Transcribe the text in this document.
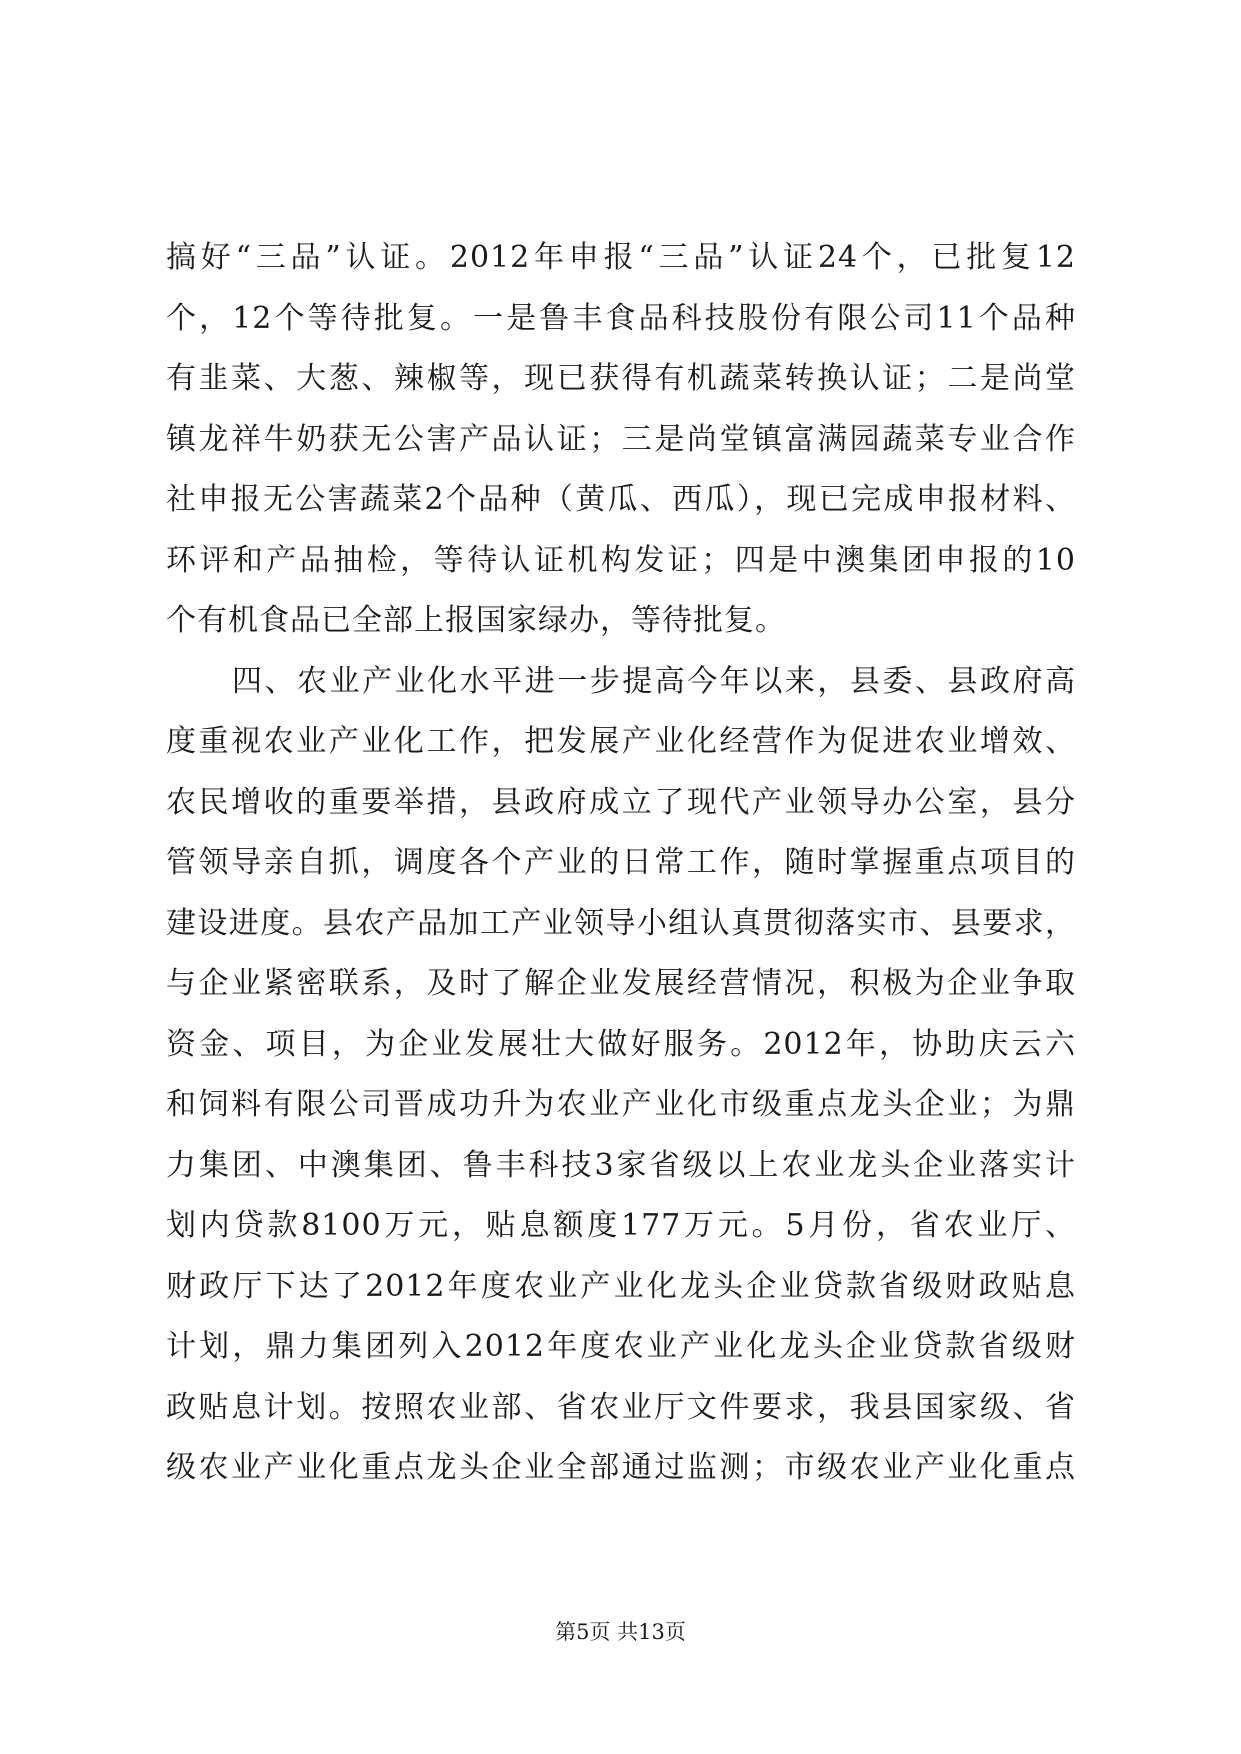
搞好“三品”认证。2012年申报“三品”认证24个，已批复12
个，12个等待批复。一是鲁丰食品科技股份有限公司11个品种
有韭菜、大葱、辣椒等，现已获得有机蔬菜转换认证；二是尚堂
镇龙祥牛奶获无公害产品认证；三是尚堂镇富满园蔬菜专业合作
社申报无公害蔬菜2个品种（黄瓜、西瓜），现已完成申报材料、
环评和产品抽检，等待认证机构发证；四是中澳集团申报的10
个有机食品已全部上报国家绿办，等待批复。
四、农业产业化水平进一步提高今年以来，县委、县政府高
度重视农业产业化工作，把发展产业化经营作为促进农业增效、
农民增收的重要举措，县政府成立了现代产业领导办公室，县分
管领导亲自抓，调度各个产业的日常工作，随时掌握重点项目的
建设进度。县农产品加工产业领导小组认真贯彻落实市、县要求，
与企业紧密联系，及时了解企业发展经营情况，积极为企业争取
资金、项目，为企业发展壮大做好服务。2012年，协助庆云六
和饲料有限公司晋成功升为农业产业化市级重点龙头企业；为鼎
力集团、中澳集团、鲁丰科技3家省级以上农业龙头企业落实计
划内贷款8100万元，贴息额度177万元。5月份，省农业厅、
财政厅下达了2012年度农业产业化龙头企业贷款省级财政贴息
计划，鼎力集团列入2012年度农业产业化龙头企业贷款省级财
政贴息计划。按照农业部、省农业厅文件要求，我县国家级、省
级农业产业化重点龙头企业全部通过监测；市级农业产业化重点
第5页 共13页
